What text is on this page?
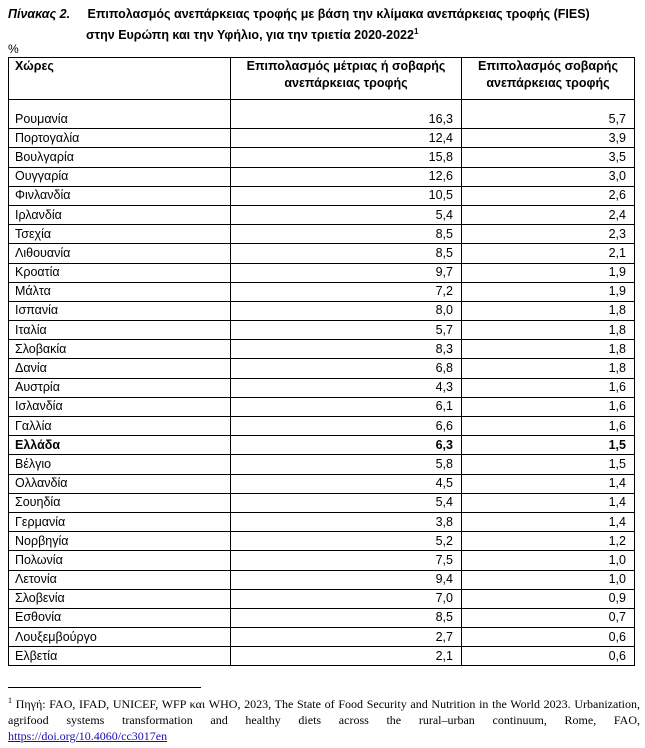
Πίνακας 2. Επιπολασμός ανεπάρκειας τροφής με βάση την κλίμακα ανεπάρκειας τροφής (FIES)
στην Ευρώπη και την Υφήλιο, για την τριετία 2020-2022$^1$
%
Χώρες	Επιπολασμός μέτριας ή σοβαρής ανεπάρκειας τροφής	Επιπολασμός σοβαρής ανεπάρκειας τροφής

Ρουμανία	16,3	5,7
Πορτογαλία	12,4	3,9
Βουλγαρία	15,8	3,5
Ουγγαρία	12,6	3,0
Φινλανδία	10,5	2,6
Ιρλανδία	5,4	2,4
Τσεχία	8,5	2,3
Λιθουανία	8,5	2,1
Κροατία	9,7	1,9
Μάλτα	7,2	1,9
Ισπανία	8,0	1,8
Ιταλία	5,7	1,8
Σλοβακία	8,3	1,8
Δανία	6,8	1,8
Αυστρία	4,3	1,6
Ισλανδία	6,1	1,6
Γαλλία	6,6	1,6
Ελλάδα	6,3	1,5
Βέλγιο	5,8	1,5
Ολλανδία	4,5	1,4
Σουηδία	5,4	1,4
Γερμανία	3,8	1,4
Νορβηγία	5,2	1,2
Πολωνία	7,5	1,0
Λετονία	9,4	1,0
Σλοβενία	7,0	0,9
Εσθονία	8,5	0,7
Λουξεμβούργο	2,7	0,6
Ελβετία	2,1	0,6
$^1$ Πηγή: FAO, IFAD, UNICEF, WFP και WHO, 2023, The State of Food Security and Nutrition in the World 2023. Urbanization, agrifood systems transformation and healthy diets across the rural–urban continuum, Rome, FAO, https://doi.org/10.4060/cc3017en
